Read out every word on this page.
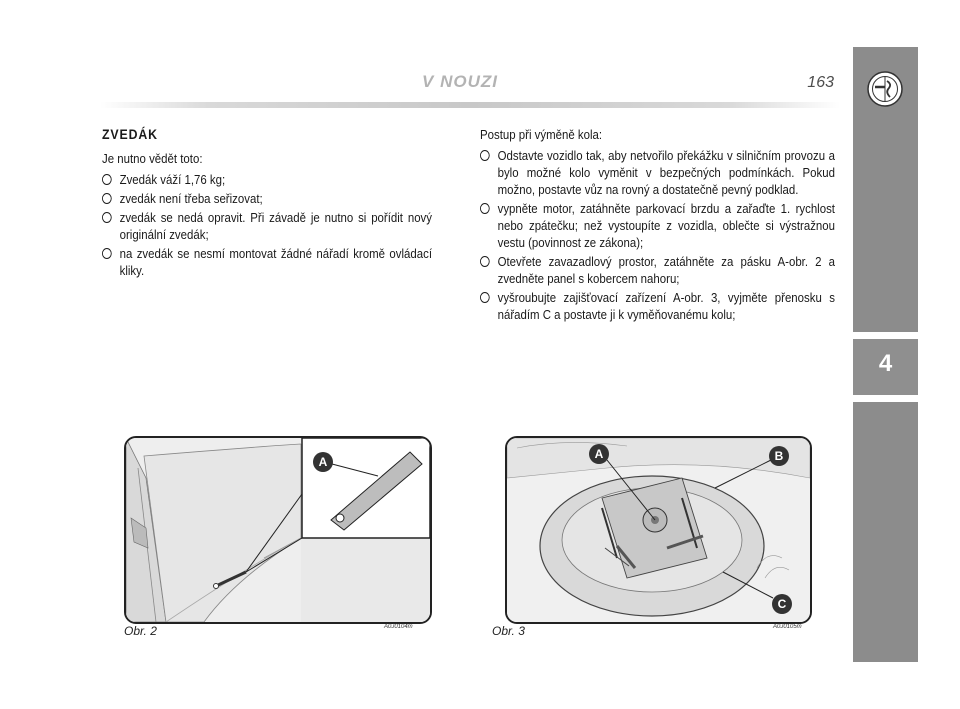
V NOUZI	163
4
ZVEDÁK
Je nutno vědět toto:
Zvedák váží 1,76 kg;
zvedák není třeba seřizovat;
zvedák se nedá opravit. Při závadě je nutno si pořídit nový originální zvedák;
na zvedák se nesmí montovat žádné nářadí kromě ovládací kliky.
Postup při výměně kola:
Odstavte vozidlo tak, aby netvořilo překážku v silničním provozu a bylo možné kolo vyměnit v bezpečných podmínkách. Pokud možno, postavte vůz na rovný a dostatečně pevný podklad.
vypněte motor, zatáhněte parkovací brzdu a zařaďte 1. rychlost nebo zpátečku; než vystoupíte z vozidla, oblečte si výstražnou vestu (povinnost ze zákona);
Otevřete zavazadlový prostor, zatáhněte za pásku A-obr. 2 a zvedněte panel s kobercem nahoru;
vyšroubujte zajišťovací zařízení A-obr. 3, vyjměte přenosku s nářadím C a postavte ji k vyměňovanému kolu;
A
Obr. 2	A0J0104m
A	B
C
Obr. 3	A0J0105m
